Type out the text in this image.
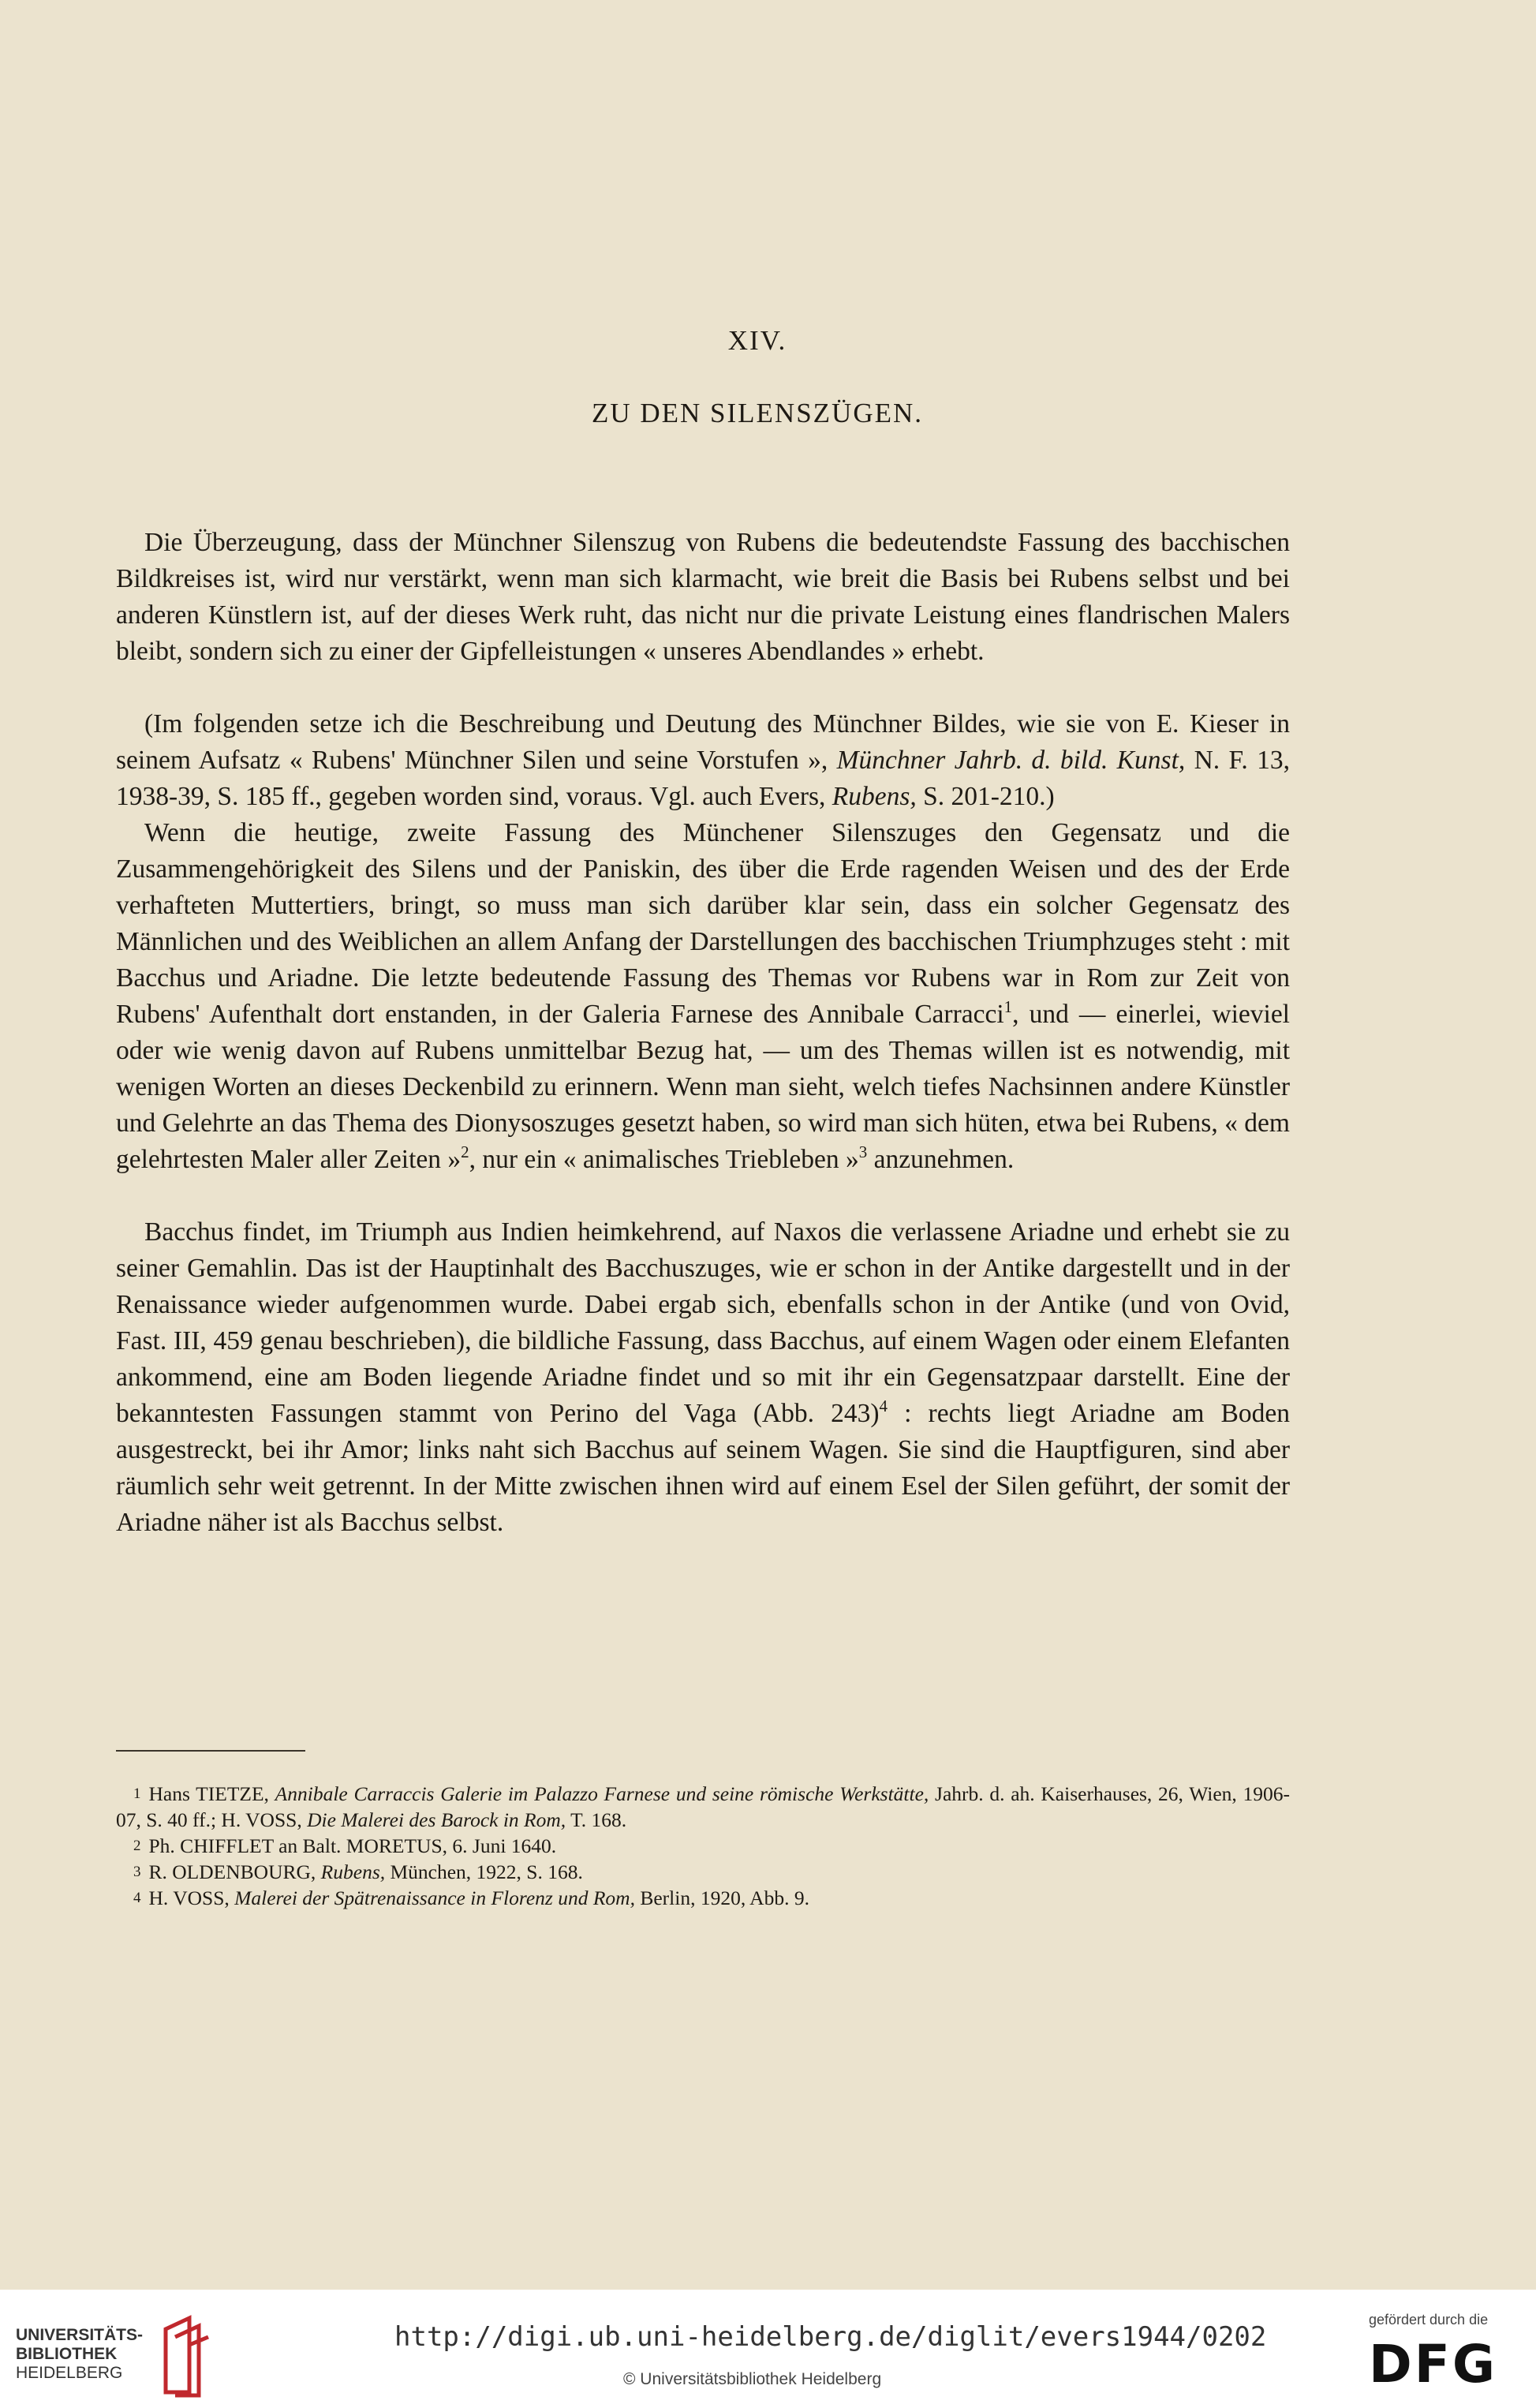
XIV.
ZU DEN SILENSZÜGEN.

Die Überzeugung, dass der Münchner Silenszug von Rubens die bedeutendste Fassung des bacchischen Bildkreises ist, wird nur verstärkt, wenn man sich klarmacht, wie breit die Basis bei Rubens selbst und bei anderen Künstlern ist, auf der dieses Werk ruht, das nicht nur die private Leistung eines flandrischen Malers bleibt, sondern sich zu einer der Gipfelleistungen « unseres Abendlandes » erhebt.

(Im folgenden setze ich die Beschreibung und Deutung des Münchner Bildes, wie sie von E. Kieser in seinem Aufsatz « Rubens' Münchner Silen und seine Vorstufen », Münchner Jahrb. d. bild. Kunst, N. F. 13, 1938-39, S. 185 ff., gegeben worden sind, voraus. Vgl. auch Evers, Rubens, S. 201-210.)

Wenn die heutige, zweite Fassung des Münchener Silenszuges den Gegensatz und die Zusammengehörigkeit des Silens und der Paniskin, des über die Erde ragenden Weisen und des der Erde verhafteten Muttertiers, bringt, so muss man sich darüber klar sein, dass ein solcher Gegensatz des Männlichen und des Weiblichen an allem Anfang der Darstellungen des bacchischen Triumphzuges steht : mit Bacchus und Ariadne. Die letzte bedeutende Fassung des Themas vor Rubens war in Rom zur Zeit von Rubens' Aufenthalt dort enstanden, in der Galeria Farnese des Annibale Carracci$^1$, und — einerlei, wieviel oder wie wenig davon auf Rubens unmittelbar Bezug hat, — um des Themas willen ist es notwendig, mit wenigen Worten an dieses Deckenbild zu erinnern. Wenn man sieht, welch tiefes Nachsinnen andere Künstler und Gelehrte an das Thema des Dionysoszuges gesetzt haben, so wird man sich hüten, etwa bei Rubens, « dem gelehrtesten Maler aller Zeiten »$^2$, nur ein « animalisches Triebleben »$^3$ anzunehmen.

Bacchus findet, im Triumph aus Indien heimkehrend, auf Naxos die verlassene Ariadne und erhebt sie zu seiner Gemahlin. Das ist der Hauptinhalt des Bacchuszuges, wie er schon in der Antike dargestellt und in der Renaissance wieder aufgenommen wurde. Dabei ergab sich, ebenfalls schon in der Antike (und von Ovid, Fast. III, 459 genau beschrieben), die bildliche Fassung, dass Bacchus, auf einem Wagen oder einem Elefanten ankommend, eine am Boden liegende Ariadne findet und so mit ihr ein Gegensatzpaar darstellt. Eine der bekanntesten Fassungen stammt von Perino del Vaga (Abb. 243)$^4$ : rechts liegt Ariadne am Boden ausgestreckt, bei ihr Amor; links naht sich Bacchus auf seinem Wagen. Sie sind die Hauptfiguren, sind aber räumlich sehr weit getrennt. In der Mitte zwischen ihnen wird auf einem Esel der Silen geführt, der somit der Ariadne näher ist als Bacchus selbst.

1 Hans TIETZE, Annibale Carraccis Galerie im Palazzo Farnese und seine römische Werkstätte, Jahrb. d. ah. Kaiserhauses, 26, Wien, 1906-07, S. 40 ff.; H. VOSS, Die Malerei des Barock in Rom, T. 168.

2 Ph. CHIFFLET an Balt. MORETUS, 6. Juni 1640.

3 R. OLDENBOURG, Rubens, München, 1922, S. 168.

4 H. VOSS, Malerei der Spätrenaissance in Florenz und Rom, Berlin, 1920, Abb. 9.

UNIVERSITÄTS-
BIBLIOTHEK
HEIDELBERG
http://digi.ub.uni-heidelberg.de/diglit/evers1944/0202
© Universitätsbibliothek Heidelberg
gefördert durch die
DFG
